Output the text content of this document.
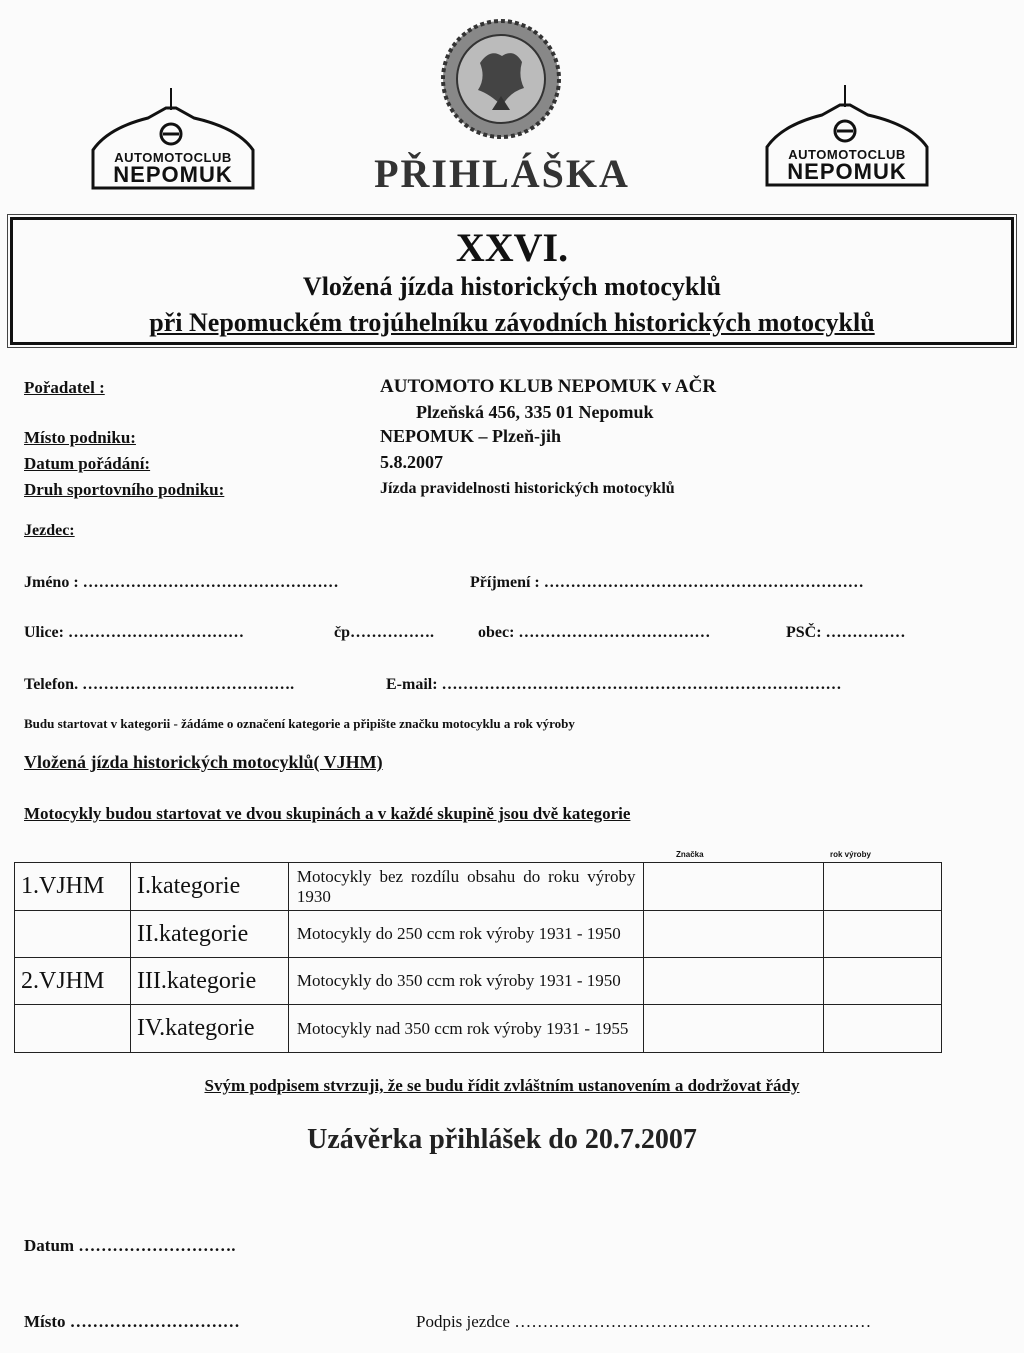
AUTOMOTOCLUB
NEPOMUK
AUTOMOTOCLUB
NEPOMUK
PŘIHLÁŠKA
XXVI.
Vložená jízda historických motocyklů
při Nepomuckém trojúhelníku závodních historických motocyklů
Pořadatel :	AUTOMOTO KLUB NEPOMUK v AČR
Plzeňská 456, 335 01 Nepomuk
Místo podniku:	NEPOMUK – Plzeň-jih
Datum pořádání:	5.8.2007
Druh sportovního podniku:	Jízda pravidelnosti historických motocyklů
Jezdec:
Jméno : …………………………………………	Příjmení : ……………………………………………………
Ulice: ……………………………	čp…………….	obec: ………………………………	PSČ: ……………
Telefon. ………………………………….	E-mail: …………………………………………………………………
Budu startovat v kategorii - žádáme o označení kategorie a připište značku motocyklu a rok výroby
Vložená jízda historických motocyklů( VJHM)
Motocykly budou startovat ve dvou skupinách a v každé skupině jsou dvě kategorie
Značka	rok výroby
1.VJHM	I.kategorie	Motocykly bez rozdílu obsahu do roku výroby 1930		
	II.kategorie	Motocykly do 250 ccm rok výroby 1931 - 1950		
2.VJHM	III.kategorie	Motocykly do 350 ccm rok výroby 1931 - 1950		
	IV.kategorie	Motocykly nad 350 ccm rok výroby 1931 - 1955		
Svým podpisem stvrzuji, že se budu řídit zvláštním ustanovením a dodržovat řády
Uzávěrka přihlášek do 20.7.2007
Datum ……………………….
Místo …………………………	Podpis jezdce ………………………………………………………
